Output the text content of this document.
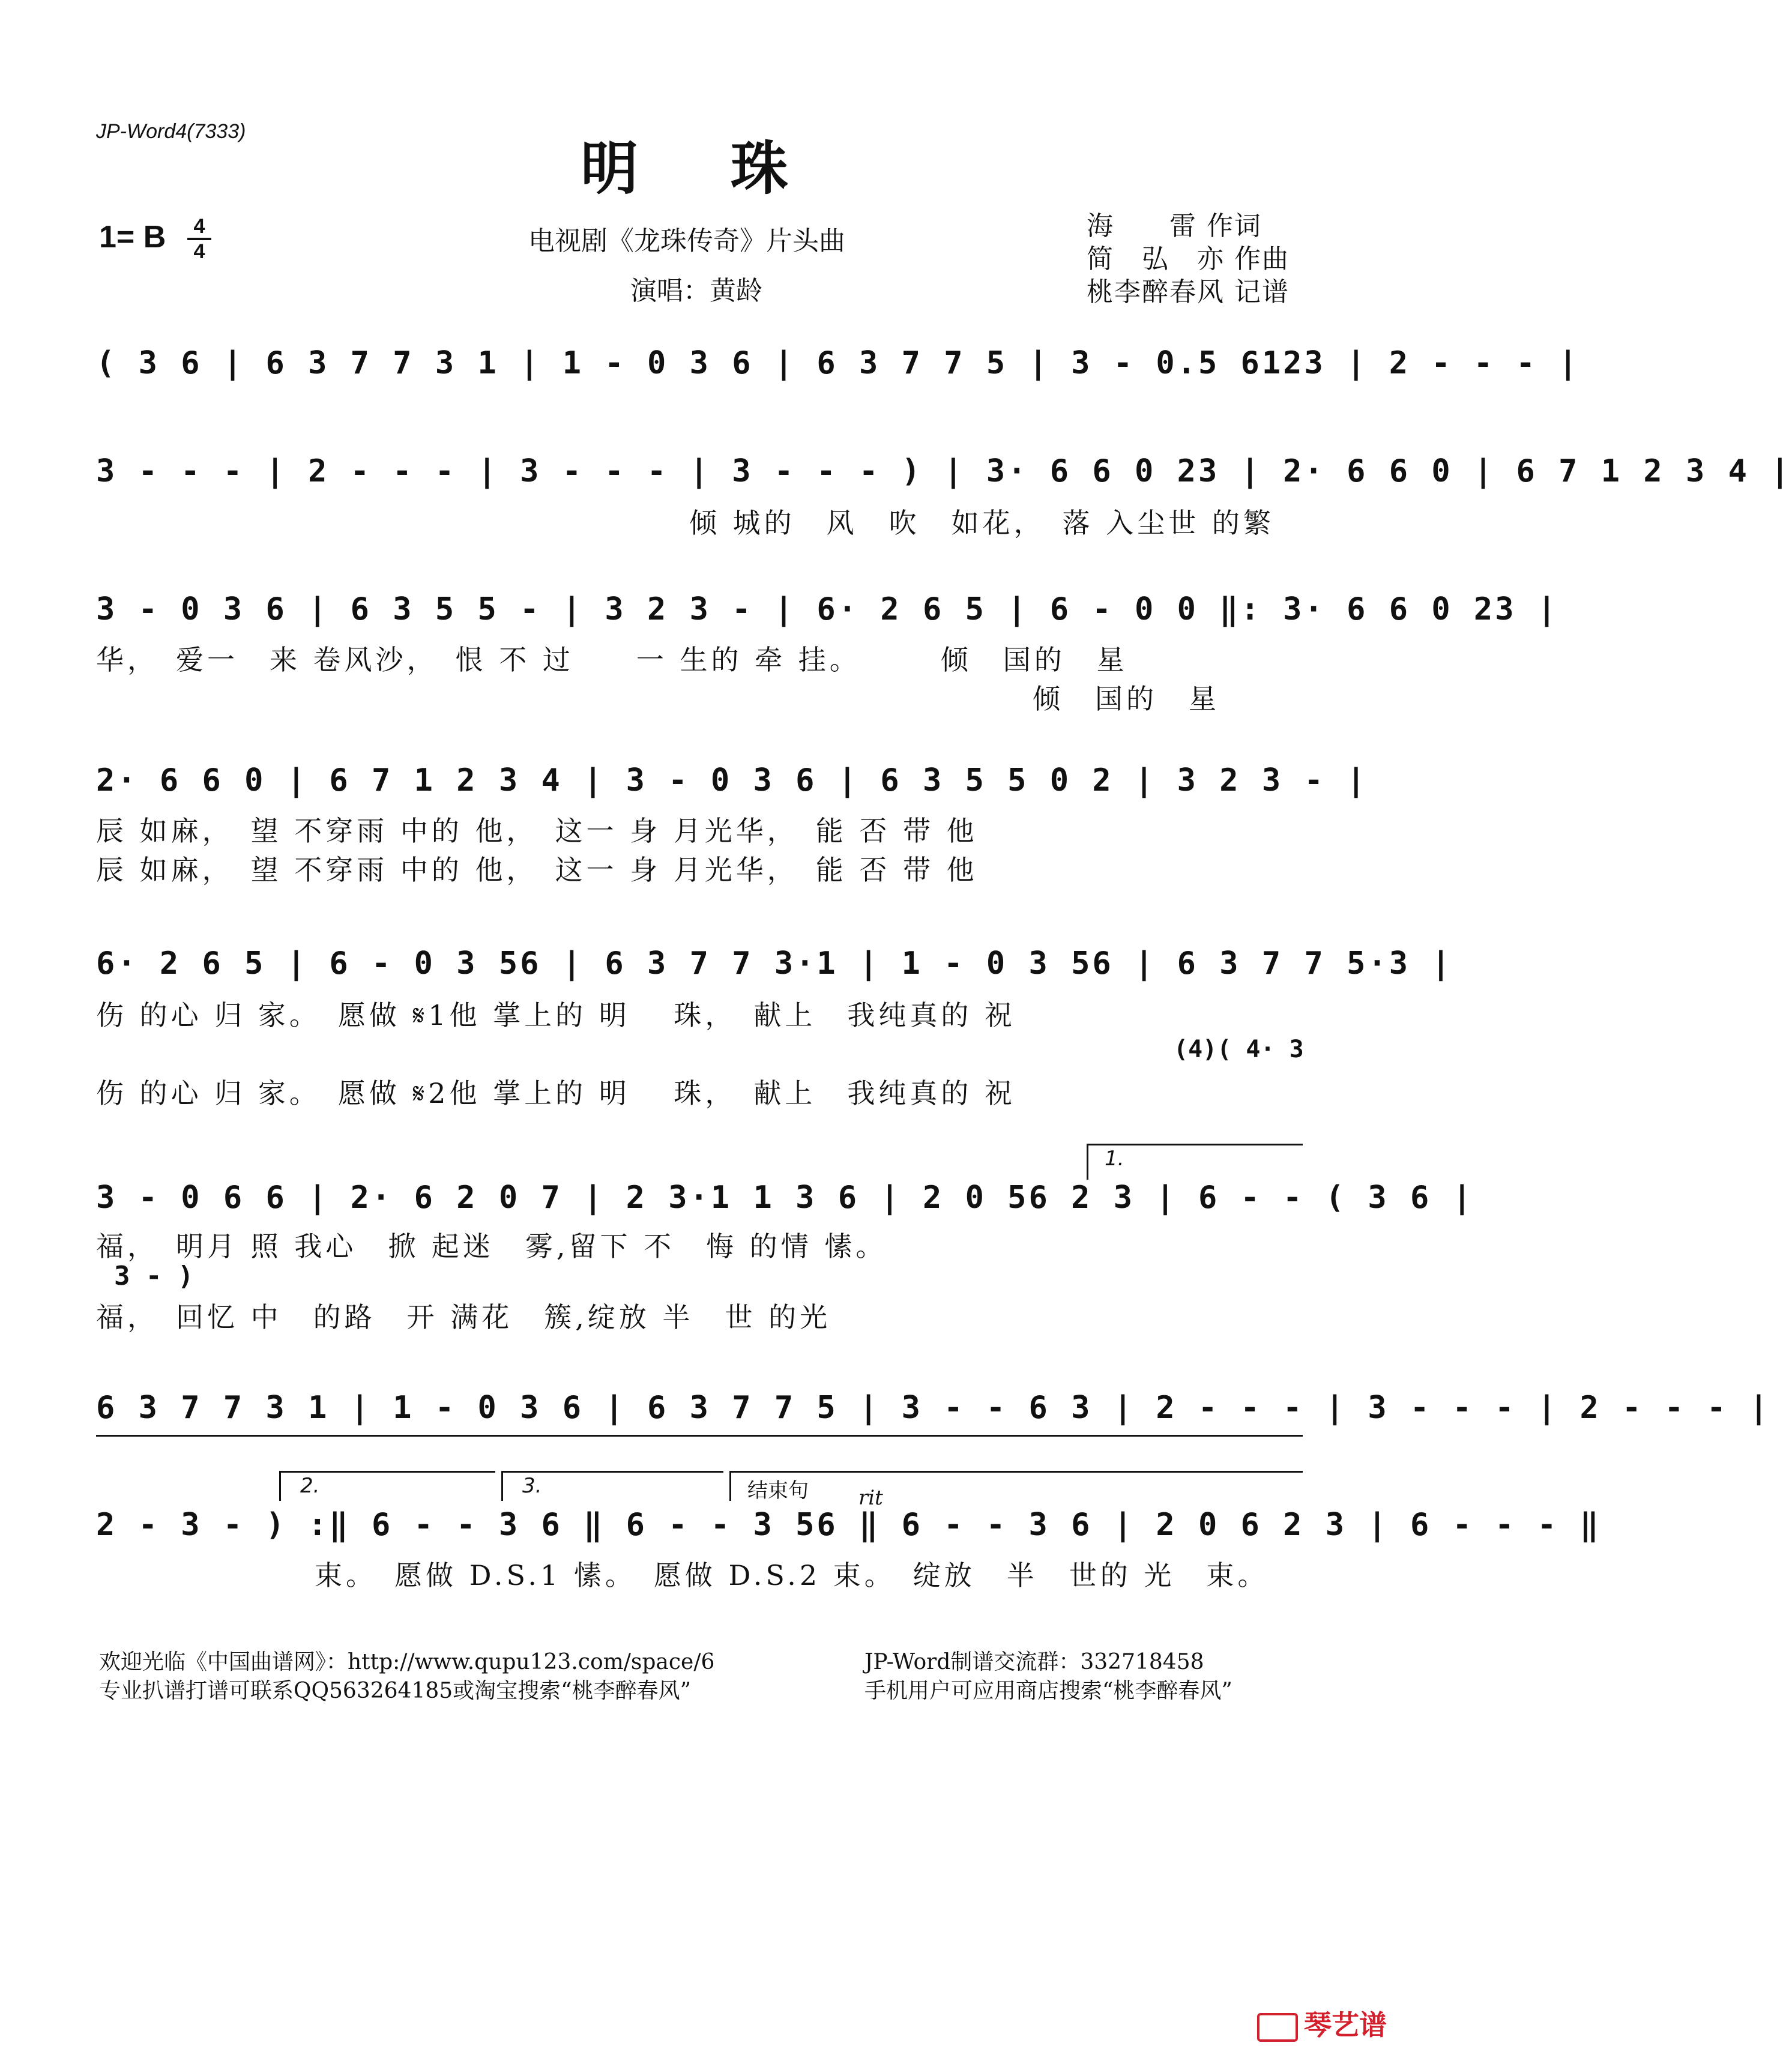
JP-Word4(7333)
明 珠
1= B	4
4	电视剧《龙珠传奇》片头曲
演唱：黄龄
海　　雷 作词
简　弘　亦 作曲
桃李醉春风 记谱
( 3 6 | 6 3 7 7 3 1 | 1 - 0 3 6 | 6 3 7 7 5 | 3 - 0.5 6123 | 2 - - - |
3 - - - | 2 - - - | 3 - - - | 3 - - - ) | 3· 6 6 0 23 | 2· 6 6 0 | 6 7 1 2 3 4 |
　　　　　　　　　　　　　　　　　　　倾 城的　风　吹　如花，　落 入尘世 的繁
3 - 0 3 6 | 6 3 5 5 - | 3 2 3 - | 6· 2 6 5 | 6 - 0 0 ‖: 3· 6 6 0 23 |
华，　爱一　来 卷风沙，　恨 不 过　　一 生的 牵 挂。　　　倾　国的　星
　　　　　　　　　　　　　　　　　　　　　　　　　　　　　　倾　国的　星
2· 6 6 0 | 6 7 1 2 3 4 | 3 - 0 3 6 | 6 3 5 5 0 2 | 3 2 3 - |
辰 如麻，　望 不穿雨 中的 他，　这一 身 月光华，　能 否 带 他
辰 如麻，　望 不穿雨 中的 他，　这一 身 月光华，　能 否 带 他
6· 2 6 5 | 6 - 0 3 56 | 6 3 7 7 3·1 | 1 - 0 3 56 | 6 3 7 7 5·3 |
伤 的心 归 家。　愿做 𝄋1他 掌上的 明　 珠，　献上　我纯真的 祝
(4)( 4· 3
伤 的心 归 家。　愿做 𝄋2他 掌上的 明　 珠，　献上　我纯真的 祝
1.
3 - 0 6 6 | 2· 6 2 0 7 | 2 3·1 1 3 6 | 2 0 56 2 3 | 6 - - ( 3 6 |
福，　明月 照 我心　掀 起迷　雾,留下 不　悔 的情 愫。
3 - )
福，　回忆 中　的路　开 满花　簇,绽放 半　世 的光
6 3 7 7 3 1 | 1 - 0 3 6 | 6 3 7 7 5 | 3 - - 6 3 | 2 - - - | 3 - - - | 2 - - - |
2.	3.	结束句 rit
2 - 3 - ) :‖ 6 - - 3 6 ‖ 6 - - 3 56 ‖ 6 - - 3 6 | 2 0 6 2 3 | 6 - - - ‖
　　　　　　　束。　愿做 D.S.1 愫。　愿做 D.S.2 束。　绽放　半　世的 光　束。
欢迎光临《中国曲谱网》：http://www.qupu123.com/space/6
专业扒谱打谱可联系QQ563264185或淘宝搜索“桃李醉春风”
JP-Word制谱交流群：332718458
手机用户可应用商店搜索“桃李醉春风”
琴艺谱
